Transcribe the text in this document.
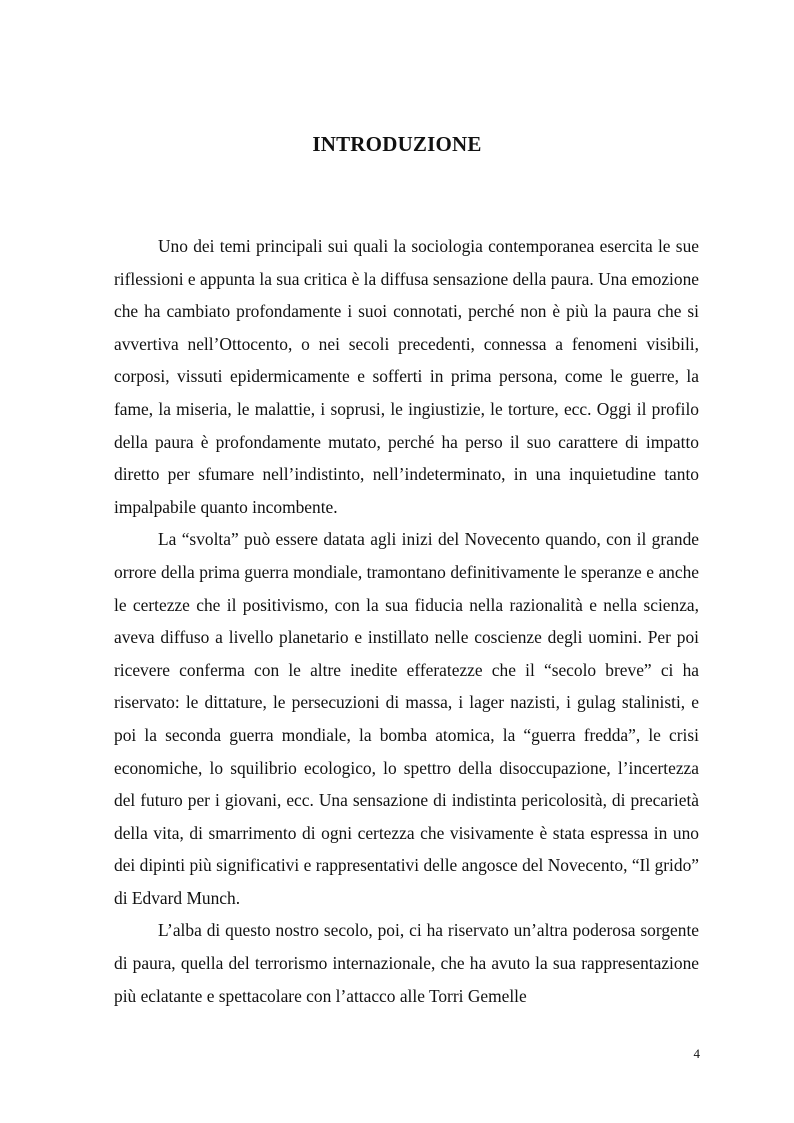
INTRODUZIONE

Uno dei temi principali sui quali la sociologia contemporanea esercita le sue riflessioni e appunta la sua critica è la diffusa sensazione della paura. Una emozione che ha cambiato profondamente i suoi connotati, perché non è più la paura che si avvertiva nell’Ottocento, o nei secoli precedenti, connessa a fenomeni visibili, corposi, vissuti epidermicamente e sofferti in prima persona, come le guerre, la fame, la miseria, le malattie, i soprusi, le ingiustizie, le torture, ecc. Oggi il profilo della paura è profondamente mutato, perché ha perso il suo carattere di impatto diretto per sfumare nell’indistinto, nell’indeterminato, in una inquietudine tanto impalpabile quanto incombente.

La “svolta” può essere datata agli inizi del Novecento quando, con il grande orrore della prima guerra mondiale, tramontano definitivamente le speranze e anche le certezze che il positivismo, con la sua fiducia nella razionalità e nella scienza, aveva diffuso a livello planetario e instillato nelle coscienze degli uomini. Per poi ricevere conferma con le altre inedite efferatezze che il “secolo breve” ci ha riservato: le dittature, le persecuzioni di massa, i lager nazisti, i gulag stalinisti, e poi la seconda guerra mondiale, la bomba atomica, la “guerra fredda”, le crisi economiche, lo squilibrio ecologico, lo spettro della disoccupazione, l’incertezza del futuro per i giovani, ecc. Una sensazione di indistinta pericolosità, di precarietà della vita, di smarrimento di ogni certezza che visivamente è stata espressa in uno dei dipinti più significativi e rappresentativi delle angosce del Novecento, “Il grido” di Edvard Munch.

L’alba di questo nostro secolo, poi, ci ha riservato un’altra poderosa sorgente di paura, quella del terrorismo internazionale, che ha avuto la sua rappresentazione più eclatante e spettacolare con l’attacco alle Torri Gemelle

4
